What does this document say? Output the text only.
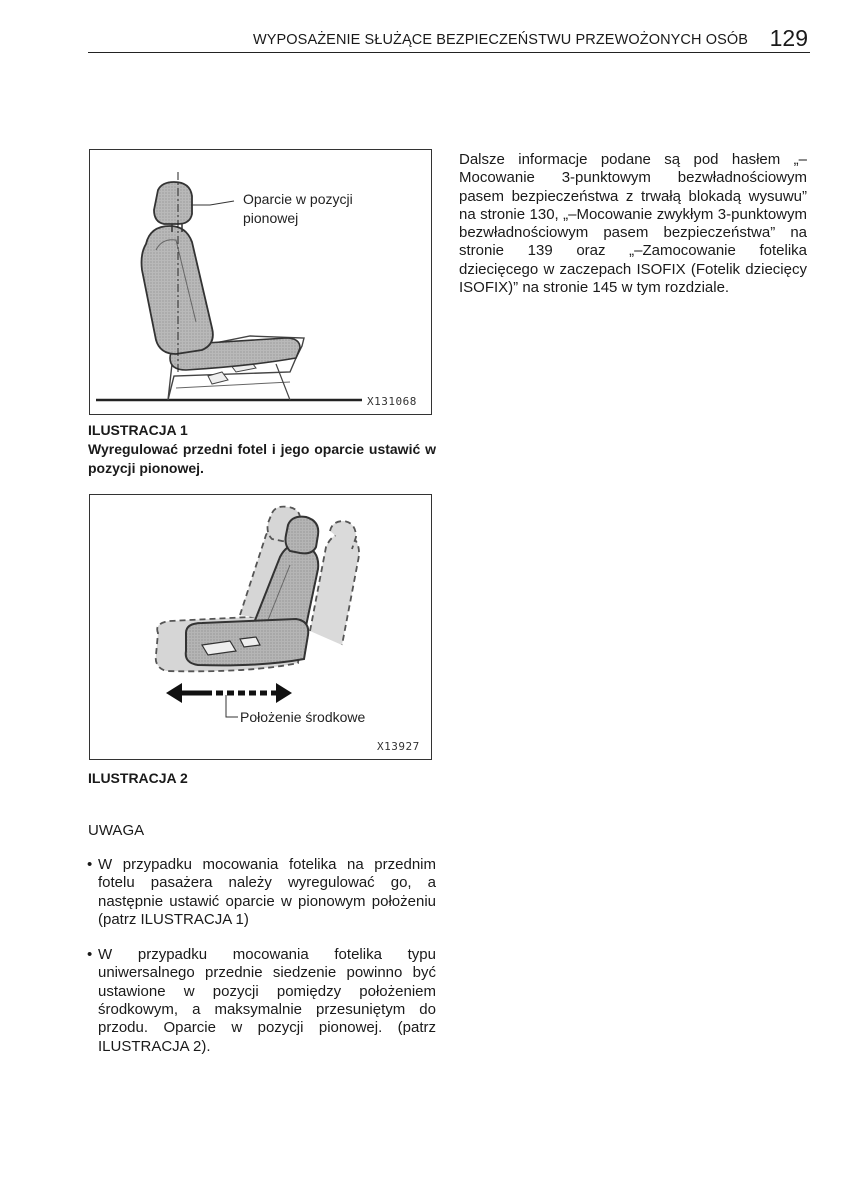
WYPOSAŻENIE SŁUŻĄCE BEZPIECZEŃSTWU PRZEWOŻONYCH OSÓB 129
Oparcie w pozycji pionowej
X131068
ILUSTRACJA 1
Wyregulować przedni fotel i jego oparcie ustawić w pozycji pionowej.
Położenie środkowe
X13927
ILUSTRACJA 2

Dalsze informacje podane są pod hasłem „–Mocowanie 3-punktowym bezwładnościowym pasem bezpieczeństwa z trwałą blokadą wysuwu” na stronie 130, „–Mocowanie zwykłym 3-punktowym bezwładnościowym pasem bezpieczeństwa” na stronie 139 oraz „–Zamocowanie fotelika dziecięcego w zaczepach ISOFIX (Fotelik dziecięcy ISOFIX)” na stronie 145 w tym rozdziale.

UWAGA
• W przypadku mocowania fotelika na przednim fotelu pasażera należy wyregulować go, a następnie ustawić oparcie w pionowym położeniu (patrz ILUSTRACJA 1)
• W przypadku mocowania fotelika typu uniwersalnego przednie siedzenie powinno być ustawione w pozycji pomiędzy położeniem środkowym, a maksymalnie przesuniętym do przodu. Oparcie w pozycji pionowej. (patrz ILUSTRACJA 2).
